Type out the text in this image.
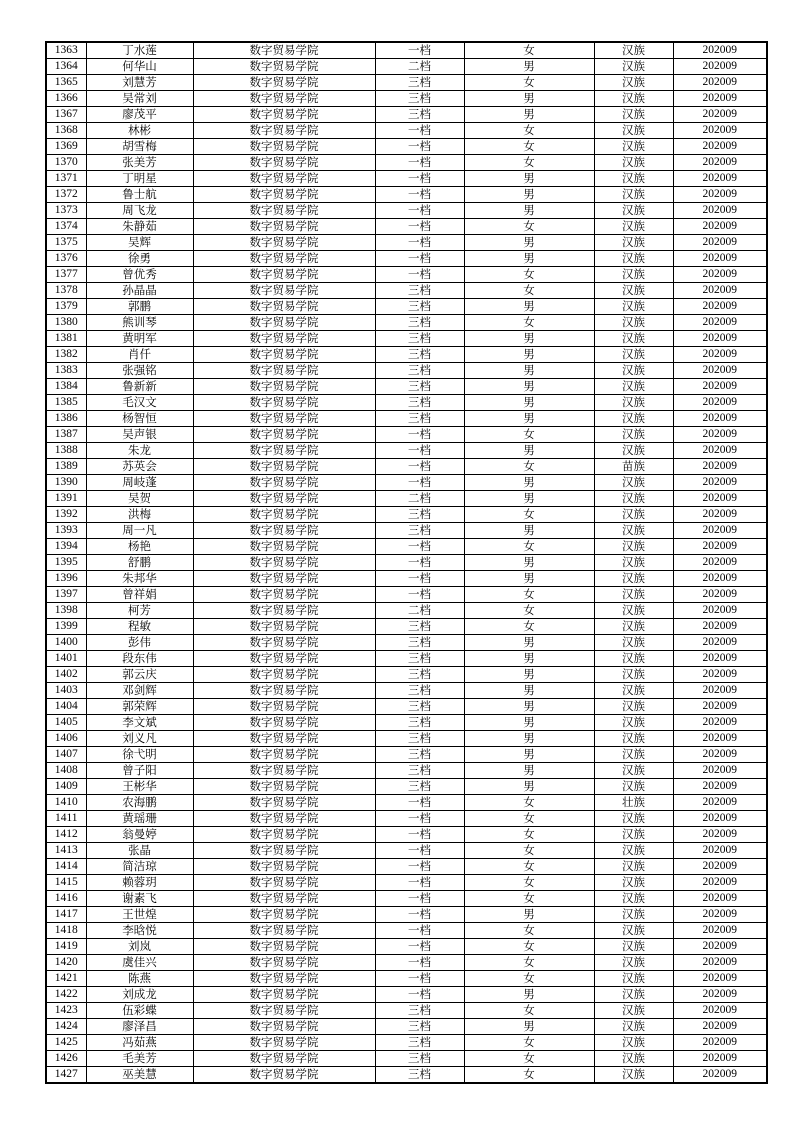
1363	丁水莲	数字贸易学院	一档	女	汉族	202009
1364	何华山	数字贸易学院	二档	男	汉族	202009
1365	刘慧芳	数字贸易学院	三档	女	汉族	202009
1366	吴常刘	数字贸易学院	三档	男	汉族	202009
1367	廖茂平	数字贸易学院	三档	男	汉族	202009
1368	林彬	数字贸易学院	一档	女	汉族	202009
1369	胡雪梅	数字贸易学院	一档	女	汉族	202009
1370	张美芳	数字贸易学院	一档	女	汉族	202009
1371	丁明星	数字贸易学院	一档	男	汉族	202009
1372	鲁士航	数字贸易学院	一档	男	汉族	202009
1373	周飞龙	数字贸易学院	一档	男	汉族	202009
1374	朱静茹	数字贸易学院	一档	女	汉族	202009
1375	吴辉	数字贸易学院	一档	男	汉族	202009
1376	徐勇	数字贸易学院	一档	男	汉族	202009
1377	曾优秀	数字贸易学院	一档	女	汉族	202009
1378	孙晶晶	数字贸易学院	三档	女	汉族	202009
1379	郭鹏	数字贸易学院	三档	男	汉族	202009
1380	熊训琴	数字贸易学院	三档	女	汉族	202009
1381	黄明军	数字贸易学院	三档	男	汉族	202009
1382	肖仟	数字贸易学院	三档	男	汉族	202009
1383	张强铭	数字贸易学院	三档	男	汉族	202009
1384	鲁新新	数字贸易学院	三档	男	汉族	202009
1385	毛汉文	数字贸易学院	三档	男	汉族	202009
1386	杨智恒	数字贸易学院	三档	男	汉族	202009
1387	吴声银	数字贸易学院	一档	女	汉族	202009
1388	朱龙	数字贸易学院	一档	男	汉族	202009
1389	苏英会	数字贸易学院	一档	女	苗族	202009
1390	周岐蓬	数字贸易学院	一档	男	汉族	202009
1391	吴贺	数字贸易学院	二档	男	汉族	202009
1392	洪梅	数字贸易学院	三档	女	汉族	202009
1393	周一凡	数字贸易学院	三档	男	汉族	202009
1394	杨艳	数字贸易学院	一档	女	汉族	202009
1395	舒鹏	数字贸易学院	一档	男	汉族	202009
1396	朱邦华	数字贸易学院	一档	男	汉族	202009
1397	曾祥娟	数字贸易学院	一档	女	汉族	202009
1398	柯芳	数字贸易学院	二档	女	汉族	202009
1399	程敏	数字贸易学院	三档	女	汉族	202009
1400	彭伟	数字贸易学院	三档	男	汉族	202009
1401	段东伟	数字贸易学院	三档	男	汉族	202009
1402	郭云庆	数字贸易学院	三档	男	汉族	202009
1403	邓剑辉	数字贸易学院	三档	男	汉族	202009
1404	郭荣辉	数字贸易学院	三档	男	汉族	202009
1405	李文斌	数字贸易学院	三档	男	汉族	202009
1406	刘义凡	数字贸易学院	三档	男	汉族	202009
1407	徐弋明	数字贸易学院	三档	男	汉族	202009
1408	曾子阳	数字贸易学院	三档	男	汉族	202009
1409	王彬华	数字贸易学院	三档	男	汉族	202009
1410	农海鹏	数字贸易学院	一档	女	壮族	202009
1411	黄瑶珊	数字贸易学院	一档	女	汉族	202009
1412	翁曼婷	数字贸易学院	一档	女	汉族	202009
1413	张晶	数字贸易学院	一档	女	汉族	202009
1414	简洁琼	数字贸易学院	一档	女	汉族	202009
1415	赖蓉玥	数字贸易学院	一档	女	汉族	202009
1416	谢素飞	数字贸易学院	一档	女	汉族	202009
1417	王世煌	数字贸易学院	一档	男	汉族	202009
1418	李晗悦	数字贸易学院	一档	女	汉族	202009
1419	刘岚	数字贸易学院	一档	女	汉族	202009
1420	虞佳兴	数字贸易学院	一档	女	汉族	202009
1421	陈燕	数字贸易学院	一档	女	汉族	202009
1422	刘成龙	数字贸易学院	一档	男	汉族	202009
1423	伍彩蝶	数字贸易学院	三档	女	汉族	202009
1424	廖泽昌	数字贸易学院	三档	男	汉族	202009
1425	冯茹燕	数字贸易学院	三档	女	汉族	202009
1426	毛美芳	数字贸易学院	三档	女	汉族	202009
1427	巫美慧	数字贸易学院	三档	女	汉族	202009
